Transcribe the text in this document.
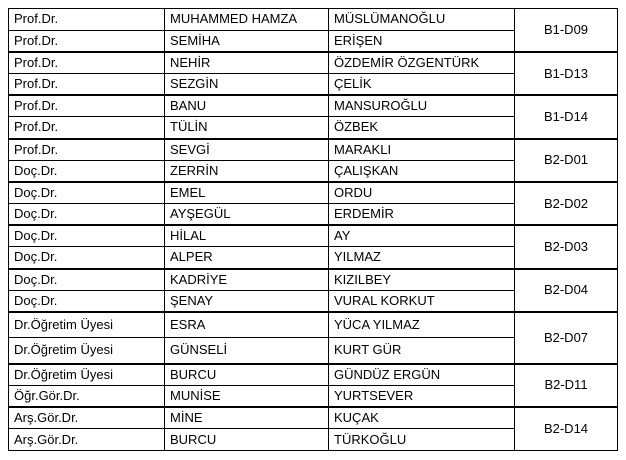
Prof.Dr.	MUHAMMED HAMZA	MÜSLÜMANOĞLU	B1-D09
Prof.Dr.	SEMİHA	ERİŞEN	
Prof.Dr.	NEHİR	ÖZDEMİR ÖZGENTÜRK	B1-D13
Prof.Dr.	SEZGİN	ÇELİK	
Prof.Dr.	BANU	MANSUROĞLU	B1-D14
Prof.Dr.	TÜLİN	ÖZBEK	
Prof.Dr.	SEVGİ	MARAKLI	B2-D01
Doç.Dr.	ZERRİN	ÇALIŞKAN	
Doç.Dr.	EMEL	ORDU	B2-D02
Doç.Dr.	AYŞEGÜL	ERDEMİR	
Doç.Dr.	HİLAL	AY	B2-D03
Doç.Dr.	ALPER	YILMAZ	
Doç.Dr.	KADRİYE	KIZILBEY	B2-D04
Doç.Dr.	ŞENAY	VURAL KORKUT	
Dr.Öğretim Üyesi	ESRA	YÜCA YILMAZ	B2-D07
Dr.Öğretim Üyesi	GÜNSELİ	KURT GÜR	
Dr.Öğretim Üyesi	BURCU	GÜNDÜZ ERGÜN	B2-D11
Öğr.Gör.Dr.	MUNİSE	YURTSEVER	
Arş.Gör.Dr.	MİNE	KUÇAK	B2-D14
Arş.Gör.Dr.	BURCU	TÜRKOĞLU	
